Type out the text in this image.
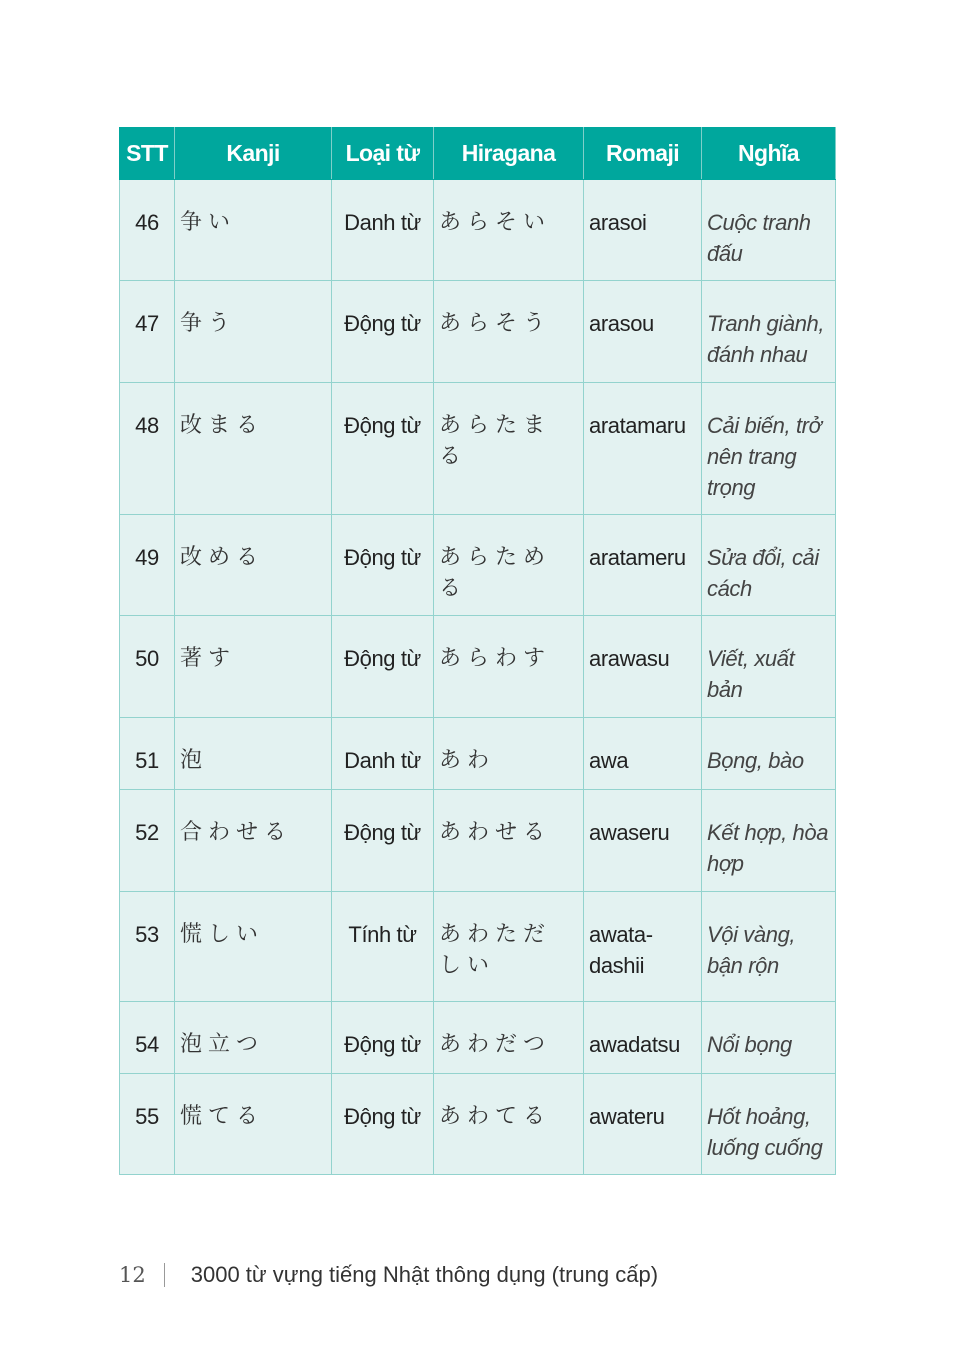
STT	Kanji	Loại từ	Hiragana	Romaji	Nghĩa
46	争い	Danh từ	あらそい	arasoi	Cuộc tranh đấu
47	争う	Động từ	あらそう	arasou	Tranh giành, đánh nhau
48	改まる	Động từ	あらたまる	aratamaru	Cải biến, trở nên trang trọng
49	改める	Động từ	あらためる	aratameru	Sửa đổi, cải cách
50	著す	Động từ	あらわす	arawasu	Viết, xuất bản
51	泡	Danh từ	あわ	awa	Bọng, bào
52	合わせる	Động từ	あわせる	awaseru	Kết hợp, hòa hợp
53	慌しい	Tính từ	あわただしい	awata-dashii	Vội vàng, bận rộn
54	泡立つ	Động từ	あわだつ	awadatsu	Nổi bọng
55	慌てる	Động từ	あわてる	awateru	Hốt hoảng, luống cuống
12 3000 từ vựng tiếng Nhật thông dụng (trung cấp)
